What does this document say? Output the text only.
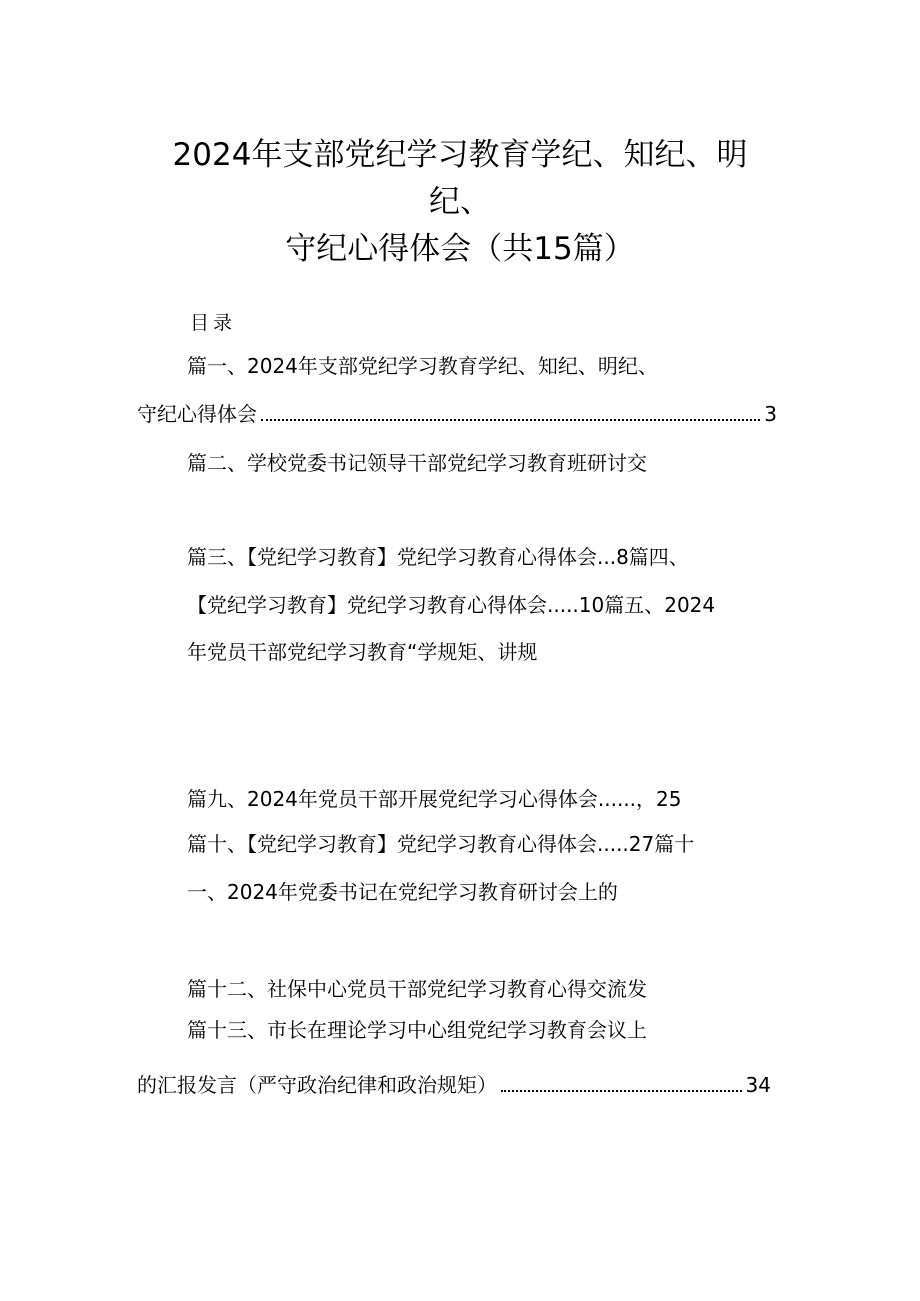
2024年支部党纪学习教育学纪、知纪、明
纪、
守纪心得体会（共15篇）
目录
篇一、2024年支部党纪学习教育学纪、知纪、明纪、
守纪心得体会	3
篇二、学校党委书记领导干部党纪学习教育班研讨交
篇三、【党纪学习教育】党纪学习教育心得体会...8篇四、
【党纪学习教育】党纪学习教育心得体会.....10篇五、2024
年党员干部党纪学习教育“学规矩、讲规
篇九、2024年党员干部开展党纪学习心得体会......，25
篇十、【党纪学习教育】党纪学习教育心得体会.....27篇十
一、2024年党委书记在党纪学习教育研讨会上的
篇十二、社保中心党员干部党纪学习教育心得交流发
篇十三、市长在理论学习中心组党纪学习教育会议上
的汇报发言（严守政治纪律和政治规矩）	34
